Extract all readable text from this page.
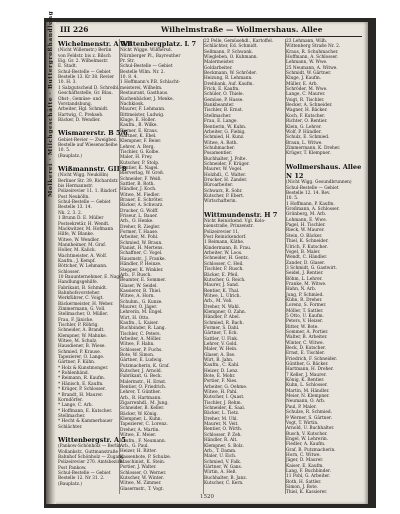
Molkerei · Milchgeschäfte · Buttergroßhandlung III 226	Wilhelmstraße — Wollmershaus. Allee
Wichelmenstr. A 5/6
(Nicht Willemstr.) Berlin
von Feldstr. bis z. Bilsch
Eig. Gr. 2. Wilhelmsstr.
E. Stadt.
Schul-Bestelle — Gebiet
Bestelle 13. Kr 38. Revier
10. H. 3.
1 Salzgutscheid D. Schreibl.
Geschäftsstelle, Gr. Blau.
Obst-, Gemüse- und
Vorstandsbung.
Arbeiter, Hgl. Schmidt.
Hartwig, C. Prekseb.
Bäcker, D. Wendler.
Wismarerstr. B 5/6
Gebiet-Revier — Zweigbez.
Bestelle auf Wiesenscheibe
10. 5.
(Bauplatz.)
Wißmannstr. GII 8
(Nicht Wigg. Neukölln)
Berliner Str. 39, Richardstr.
bis Hermannstr.
Polizeirevier 11. 1. Rixdorf.
Post Neukölln.
Schul-Bestelle — Gebiet
Bestelle 13. 14.
Nk. 2. 3. 2.
1 Brunn D. E. Müller
Postsekretär, H. Wendt.
Mackwitzer, M. Hofmann
Hilfe, W. Blanke.
Witwe, W. Wendler.
Mannheimer, M. Graf.
Holler, M. Kalick.
Wachtmeister, A. Wolf.
Kaufm., J. Kempf.
Böttcher, W. Lehmann.
Schlosser.
10 Bauunternehmer, E. Nagel.
Handlungsgehilfe.
Fabrikant, B. Schmidt.
Bahnhofsvorsteher.
Werkführer, C. Voigt.
Bäckermeister, H. Weber.
Zimmermann, G. Voll.
Stellmacher, O. Müller.
Frau, F. Jänicke.
Tischler, P. Röhrig.
Schneider, A. Brandt.
Klempner, W. Mahnke.
Witwe, M. Schulz.
Hausdiener, B. Wiese.
Schmied, P. Krause.
Tapezierer, O. Lange.
Gärtner, F. Kühn.
* Holz & Kunstmonger.
* Rohlenhänd.
* Reimann, R. Kaufm.
* Hänisch, E. Kaufm.
* Krüger, P. Schlosser.
* Brandt, H. Maurer.
Korndörfer.
* Lange, C. Arb.
* Hoffmann, E. Kutscher.
Stellmacher.
* Hecht & Kammerbauer
Schlächter.
Wittenbergstr. A 5
(Pankow-Schönholz — Berlin
Wollankstr., Guttmanstraße
Bahnhof Schönholz — Zugang
Polizeirevier 270. Amtsbezirk.
Post Pankow.
Schul-Bestelle — Gebiet
Bestelle 12. Nr 31. 2.
(Bauplatz.)
Wittenbergplatz. L 7
Nicht Wigge. Wilmersd.
Nürnberger Pl., Bayreuther
Pr. Str.
Schul-Bestelle — Gebiet
Bestelle Wilm. Nr. 2.
10. 8. 4.
1 Hoffmann's P.B. Schlacht-
meisterei, Wilhelm.
Restaurant, Gasthaus.
Kuchenbäcker, J. Menke.
Nachkiosk.
Maurer, F. Lehmann.
Rittmeister, Ludwig.
Kluge, E. Holler.
Kaufm., B. Wilke.
Riemer, E. Kraus.
Gärtner, K. Ebel.
Klempner, F. Beier.
Lehrer, A. Berg.
Tischler, G. Kolbe.
Maler, H. Frey.
Kutscher, P. Stolp.
Rentier, K. Nagel.
Bierverlag, W. Groß.
Schneider, F. Weiß.
Sattler, B. Roth.
Händler, J. Koch.
Witwe, M. Fiedler.
Brauer, E. Schröter.
Bäcker, A. Schwarz.
Drucker, G. Wolff.
Friseur, L. Bauer.
Arb., O. Henke.
Dreher, R. Ziegler.
Former, T. Haase.
Arbeiter, M. Pohl.
Schmied, W. Braun.
Pianist, H. Mertens.
Schaffner, C. Vogel.
Hausmstr., J. Franke.
Händler, P. Heinze.
Stepper, K. Winkler.
Arb., F. Busch.
Beamter, E. Sommer.
Glaser, W. Seidel.
Kassierer, B. Thiel.
Witwe, A. Horn.
Schuhm., G. Kunze.
Maurer, O. Jäger.
Lehrerin, M. Engel.
Wirt, H. Otto.
Kaufm., L. Kaiser.
Buchbinder, R. Lang.
Tischler, C. Peters.
Arbeiter, A. Möller.
Witwe, F. Hahn.
Schlosser, P. Fuchs.
Bote, W. Simon.
Gärtner, E. Ludwig.
Putzmacherin, K. Graf.
Kutscher, J. Arnold.
Fabrikant, G. Beck.
Malermstr., H. Ernst.
Rentier, O. Friedrich.
Lehrer, T. Günther.
Arb., R. Hartmann.
Zigarrenhdl., M. Jung.
Schneider, B. Keller.
Bäcker, W. König.
Klempner, L. Kuhn.
Tapezierer, C. Lorenz.
Dreher, A. Martin.
Witwe, E. Meier.
Kaufm., F. Neumann.
Arb., G. Paul.
Heizer, H. Ritter.
Kassenbote, P. Schulze.
Maschinist, K. Stein.
Portier, J. Walter.
Schlosser, O. Werner.
Kutscher, W. Winter.
Witwe, M. Zimmer.
Glasermstr., T. Vogt.
22 Pelle, Gemüsehdl., Kartoffel.
Schlächter, Ed. Schmidt.
Sellmann, P. Schwank.
Wiegleben, O. Kuhmann.
Malermeister.
Goldarbeiter.
Beckmann, W. Schröder.
Heizung, R. Lehmann.
Drehbank, Auf. Kaufm.
Frick, E. Kaufm.
Schüler, O. Thiele.
Gemüse, P. Hasse.
Bankbeamter.
Tischler, B. Ernst.
Stellmacher.
Frau, E. Lange.
Rentierin, W. Kuhn.
Arbeiter, G. Fiebig.
Schmied, H. Kunz.
Witwe, A. Roth.
Schuhmacher.
Posamentier.
Buchhalter, J. Polte.
Schneider, F. Krüger.
Maurer, W. Vogel.
Holzhdl., C. Walter.
Drucker, H. Zander.
Büroarbeiter.
Schwarz, R. Sohr.
Kutscher, P. Ebert.
Wirtschafterin.
Wittmundenstr. H 7
Nicht Reinickend. Vgl. Kolo-
nienstraße, Prinzenstr.
Polizeirevier 11.
Post Reinickendorf.
1 Reimann, Käthe.
Kindermann, B. Frau.
Arbeiter, W. Loos.
Schneider, H. Gentz.
Schlosser, C. Heil.
Tischler, F. Rusch.
Bäcker, E. Pfeil.
Kutscher, G. Reich.
Maurer, J. Sand.
Rentier, K. Thal.
Witwe, L. Ulrich.
Arb., M. Voß.
Dreher, N. Wahl.
Klempner, O. Zahn.
Händler, P. Abel.
Schmied, R. Bach.
Former, S. Dahl.
Gärtner, T. Eck.
Sattler, U. Fink.
Lehrer, V. Gold.
Maler, W. Hein.
Glaser, A. Ilse.
Wirt, B. Jahn.
Kaufm., C. Kahl.
Heizer, D. Lenz.
Bote, E. Mohr.
Portier, F. Nies.
Arbeiter, G. Oehme.
Witwe, H. Pahl.
Kutscher, I. Quast.
Tischler, J. Rehm.
Schneider, K. Saal.
Bäcker, L. Tietz.
Dreher, M. Uhl.
Maurer, N. Veit.
Rentier, O. Wirth.
Schlosser, P. Zeh.
Händler, R. Alt.
Klempner, S. Bolz.
Arb., T. Damm.
Maler, U. Eich.
Schmied, V. Falk.
Gärtner, W. Gans.
Wirtin, A. Heß.
Buchhalter, B. Janz.
Kutscher, C. Kern.
23 Lehmann, Wilh.
Wittenberg Straße Nr. 2.
Kraus, R. Schuhmacher.
Hoffmann, A. Schlosser.
Lehmann, W. Wwe.
25 Neumann, A. Witwe.
Schmidt, W. Gärtner.
Kluge, J. Kaufm.
Müller, E. Arb.
Schröder, M. Wwe.
Lange, C. Maurer.
Voigt, R. Tischler.
Becker, A. Schneider.
Wagner, H. Bäcker.
Koch, F. Kutscher.
Richter, O. Rentier.
Klein, G. Lehrer.
Wolf, P. Händler.
Schulz, E. Schmied.
Braun, L. Witwe.
Zimmermann, K. Dreher.
Krüger, T. Klempner.
Wollmershaus. Allee
N 12
(Nicht Wigg. Gesundbrunnen)
Schul-Bestelle — Gebiet
Bestelle 12. 14. Rev.
10. 5.
1 Hoffmann, P. Kaufm.
Großmann, A. Schlosser.
Grünberg, M. Arb.
Lohmann, E. Wwe.
Pagel, H. Tischler.
Rieck, W. Maurer.
Stein, O. Bäcker.
Thiel, K. Schneider.
Ulrich, F. Kutscher.
Vogel, B. Maler.
Wendt, C. Händler.
Zander, D. Glaser.
3 Schmidt, G. Gastwirt.
Seidel, J. Rentier.
Böhm, L. Lehrer.
Franke, M. Witwe.
Hahn, N. Arb.
Jung, P. Schmied.
Kühn, R. Dreher.
Lorenz, S. Former.
Möller, T. Sattler.
5 Otto, U. Kaufm.
Peters, V. Heizer.
Ritter, W. Bote.
Sommer, A. Portier.
Walter, B. Arbeiter.
Winter, C. Witwe.
Beck, D. Kutscher.
Ernst, E. Tischler.
Friedrich, F. Schneider.
Günther, G. Bäcker.
Hartmann, H. Dreher.
7 Keller, J. Maurer.
König, K. Rentier.
Kuhn, L. Schlosser.
Martin, M. Händler.
Meier, N. Klempner.
Neumann, O. Arb.
Paul, P. Maler.
Schulze, R. Schmied.
9 Werner, S. Gärtner.
Vogt, T. Wirtin.
Arnold, U. Buchhalter.
Busch, V. Kutscher.
Engel, W. Lehrerin.
Fiedler, A. Kaufm.
Graf, B. Putzmacherin.
Horn, C. Witwe.
Jäger, D. Maurer.
Kaiser, E. Kaufm.
Lang, F. Buchbinder.
11 Pohl, G. Arbeiter.
Roth, H. Sattler.
Simon, J. Bote.
Thiel, K. Kassierer.
1520
